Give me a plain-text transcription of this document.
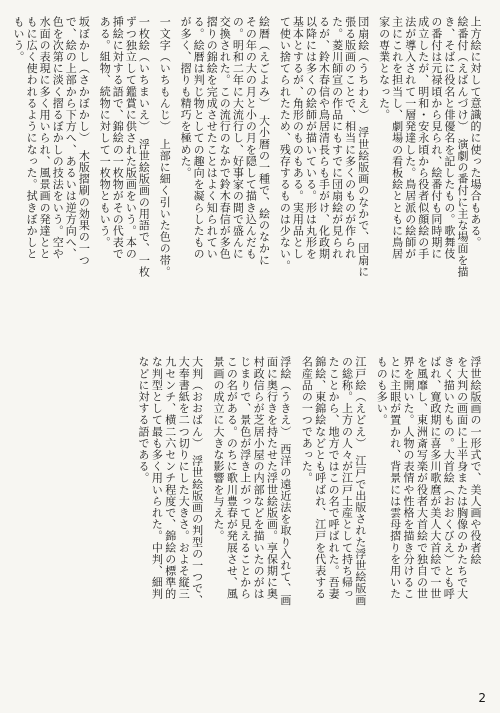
上方絵に対して意識的に使った場合もある。
絵番付（えばんづけ）　演劇の番付に主な場面を描
き、そばに役名と俳優名を記したもの。歌舞伎
の番付は元禄頃から見られ、絵番付も同時期に
成立したが、明和・安永頃から役者似顔絵の手
法が導入されて一層発達した。鳥居派の絵師が
主にこれを担当し、劇場の看板絵とともに鳥居
家の専業となった。
団扇絵（うちわえ）　浮世絵版画のなかで、団扇に
張る版画のことで、相当に多くのものが作られ
た。菱川師宣の作品にもすでに団扇絵が見られ
るが、鈴木春信や鳥居清長らも手がけ、化政期
以降には多くの絵師が描いている。形は丸形を
基本とするが、角形のものもある。実用品とし
て使い捨てられたため、残存するものは少ない。
絵暦（えごよみ）　大小暦の一種で、絵のなかに
その年の大の月と小の月を隠して描き込んだも
の。明和二年に大流行し、好事家の間で盛んに
交換された。この流行のなかで鈴木春信が多色
摺りの錦絵を完成させたことはよく知られてい
る。絵暦は判じ物としての趣向を凝らしたもの
が多く、摺りも精巧を極めた。
一文字（いちもんじ）　上部に細く引いた色の帯。
一枚絵（いちまいえ）　浮世絵版画の用語で、一枚
ずつ独立して鑑賞に供された版画をいう。本の
挿絵に対する語で、錦絵の一枚物がその代表で
ある。組物、続物に対して一枚物ともいう。
坂ぼかし（さかぼかし）　木版摺刷の効果の一つ
で、絵の上部から下方へ、あるいは逆方向へ、
色を次第に淡く摺るぼかしの技法をいう。空や
水面の表現に多く用いられ、風景画の発達とと
もに広く使われるようになった。拭きぼかしと
もいう。
浮世絵版画の一形式で、美人画や役者絵
を大判の画面に上半身または胸像のかたちで大
きく描いたもの。大首絵（おおくびえ）とも呼
ばれ、寛政期に喜多川歌麿が美人大首絵で一世
を風靡し、東洲斎写楽が役者大首絵で独自の世
界を開いた。人物の表情や性格を描き分けるこ
とに主眼が置かれ、背景には雲母摺りを用いた
ものも多い。
江戸絵（えどえ）　江戸で出版された浮世絵版画
の総称。上方の人々が江戸土産として持ち帰っ
たことから、地方ではこの名で呼ばれた。吾妻
錦絵、東錦絵などとも呼ばれ、江戸を代表する
名産品の一つであった。
浮絵（うきえ）　西洋の遠近法を取り入れて、画
面に奥行きを持たせた浮世絵版画。享保期に奥
村政信らが芝居小屋の内部などを描いたのがは
じまりで、景色が浮き上がって見えることから
この名がある。のちに歌川豊春が発展させ、風
景画の成立に大きな影響を与えた。
大判（おおばん）　浮世絵版画の判型の一つで、
大奉書紙を二つ切りにした大きさ。およそ縦三
九センチ、横二六センチ程度で、錦絵の標準的
な判型として最も多く用いられた。中判、細判
などに対する語である。
2
